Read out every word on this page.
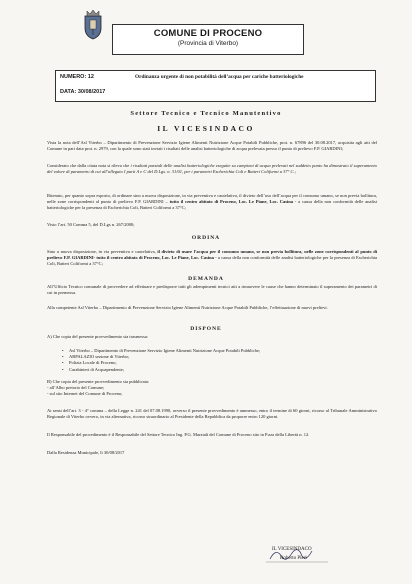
COMUNE DI PROCENO
(Provincia di Viterbo)
NUMERO: 12
DATA: 30/08/2017
Ordinanza urgente di non potabilità dell’acqua per cariche batteriologiche
Settore Tecnico e Tecnico Manutentivo
IL VICESINDACO
Vista la nota dell’Asl Viterbo – Dipartimento di Prevenzione Servizio Igiene Alimenti Nutrizione Acque Potabili Pubbliche, prot. n. 67896 del 30.08.2017, acquisita agli atti del Comune in pari data prot. n. 2979, con la quale sono stati inviati i risultati delle analisi batteriologiche di acqua prelevata presso il punto di prelievo F.P. GIARDINI;
Considerato che dalla citata nota si rileva che i risultati parziali delle analisi batteriologiche eseguite su campioni di acqua prelevati nel suddetto punto ha dimostrato il superamento del valore di parametro di cui all’allegato I parti A e C del D.Lgs. n. 31/01, per i parametri Escherichia Coli e Batteri Coliformi a 37° C.;
Ritenuto, per quanto sopra esposto, di ordinare sino a nuova disposizione, in via preventiva e cautelativa, il divieto dell’uso dell’acqua per il consumo umano, se non previa bollitura, nelle zone corrispondenti al punto di prelievo F.P. GIARDINI – tutto il centro abitato di Proceno, Loc. Le Piane, Loc. Casina - a causa della non conformità delle analisi batteriologiche per la presenza di Escherichia Coli, Batteri Coliformi a 37°C;
Visto l’art. 50 Comma 5, del D.Lgs n. 267/2000;
ORDINA
Sino a nuova disposizione, in via preventiva e cautelativa, il divieto di usare l’acqua per il consumo umano, se non previa bollitura, nelle zone corrispondenti al punto di prelievo F.P. GIARDINI- tutto il centro abitato di Proceno, Loc. Le Piane, Loc. Casina - a causa della non conformità delle analisi batteriologiche per la presenza di Escherichia Coli, Batteri Coliformi a 37°C;
DEMANDA
All’Ufficio Tecnico comunale di provvedere ad effettuare e predisporre tutti gli adempimenti tecnici atti a rimuovere le cause che hanno determinato il superamento dei parametri di cui in premessa.
Alla competente Asl Viterbo – Dipartimento di Prevenzione Servizio Igiene Alimenti Nutrizione Acque Potabili Pubbliche, l’effettuazione di nuovi prelievi.
DISPONE
A) Che copia del presente provvedimento sia trasmessa:
• Asl Viterbo – Dipartimento di Prevenzione Servizio Igiene Alimenti Nutrizione Acque Potabili Pubbliche;
• ARPALAZIO sezione di Viterbo;
• Polizia Locale di Proceno;
• Carabinieri di Acquapendente;
B) Che copia del presente provvedimento sia pubblicata:
- all’Albo pretorio del Comune;
- sul sito Internet del Comune di Proceno;
Ai sensi dell’art. 3 - 4° comma – della Legge n. 241 del 07.08.1990, avverso il presente provvedimento è ammesso, entro il termine di 60 giorni, ricorso al Tribunale Amministrativo Regionale di Viterbo ovvero, in via alternativa, ricorso straordinario al Presidente della Repubblica da proporre entro 120 giorni.
Il Responsabile del procedimento è il Responsabile del Settore Tecnico Ing. P.G. Marziali del Comune di Proceno sito in P.zza della Libertà n. 12.
Dalla Residenza Municipale, lì 30/08/2017
IL VICESINDACO
Roberto Pieri
